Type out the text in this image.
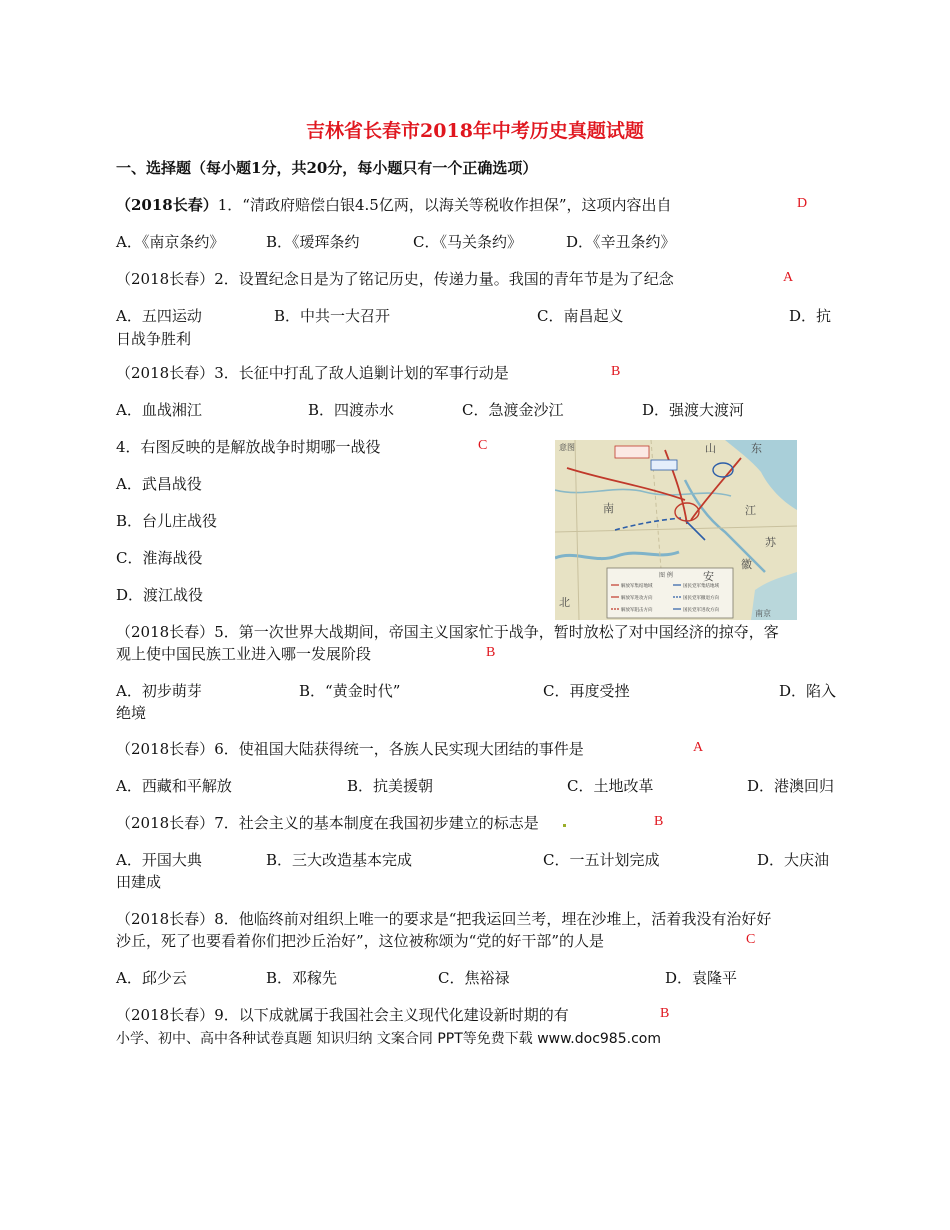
吉林省长春市2018年中考历史真题试题
一、选择题（每小题1分，共20分，每小题只有一个正确选项）
（2018长春）1．“清政府赔偿白银4.5亿两，以海关等税收作担保”，这项内容出自	D
A．《南京条约》	B．《瑷珲条约	C．《马关条约》	D．《辛丑条约》
（2018长春）2．设置纪念日是为了铭记历史，传递力量。我国的青年节是为了纪念	A
A．五四运动	B．中共一大召开	C．南昌起义	D．抗
日战争胜利
（2018长春）3．长征中打乱了敌人追剿计划的军事行动是	B
A．血战湘江	B．四渡赤水	C．急渡金沙江	D．强渡大渡河
4．右图反映的是解放战争时期哪一战役	C
A．武昌战役
B．台儿庄战役
C．淮海战役
D．渡江战役
意图	山	东
江
苏
安
徽
南
北
南京
图 例
解放军集结地域	国民党军集结地域
解放军进攻方向	国民党军撤退方向
解放军阻击方向	国民党军进攻方向
（2018长春）5．第一次世界大战期间，帝国主义国家忙于战争，暂时放松了对中国经济的掠夺，客
观上使中国民族工业进入哪一发展阶段	B
A．初步萌芽	B．“黄金时代”	C．再度受挫	D．陷入
绝境
（2018长春）6．使祖国大陆获得统一，各族人民实现大团结的事件是	A
A．西藏和平解放	B．抗美援朝	C．土地改革	D．港澳回归
（2018长春）7．社会主义的基本制度在我国初步建立的标志是	B
A．开国大典	B．三大改造基本完成	C．一五计划完成	D．大庆油
田建成
（2018长春）8．他临终前对组织上唯一的要求是“把我运回兰考，埋在沙堆上，活着我没有治好好
沙丘，死了也要看着你们把沙丘治好”，这位被称颂为“党的好干部”的人是	C
A．邱少云	B．邓稼先	C．焦裕禄	D．袁隆平
（2018长春）9．以下成就属于我国社会主义现代化建设新时期的有	B
小学、初中、高中各种试卷真题 知识归纳 文案合同 PPT等免费下载 www.doc985.com
